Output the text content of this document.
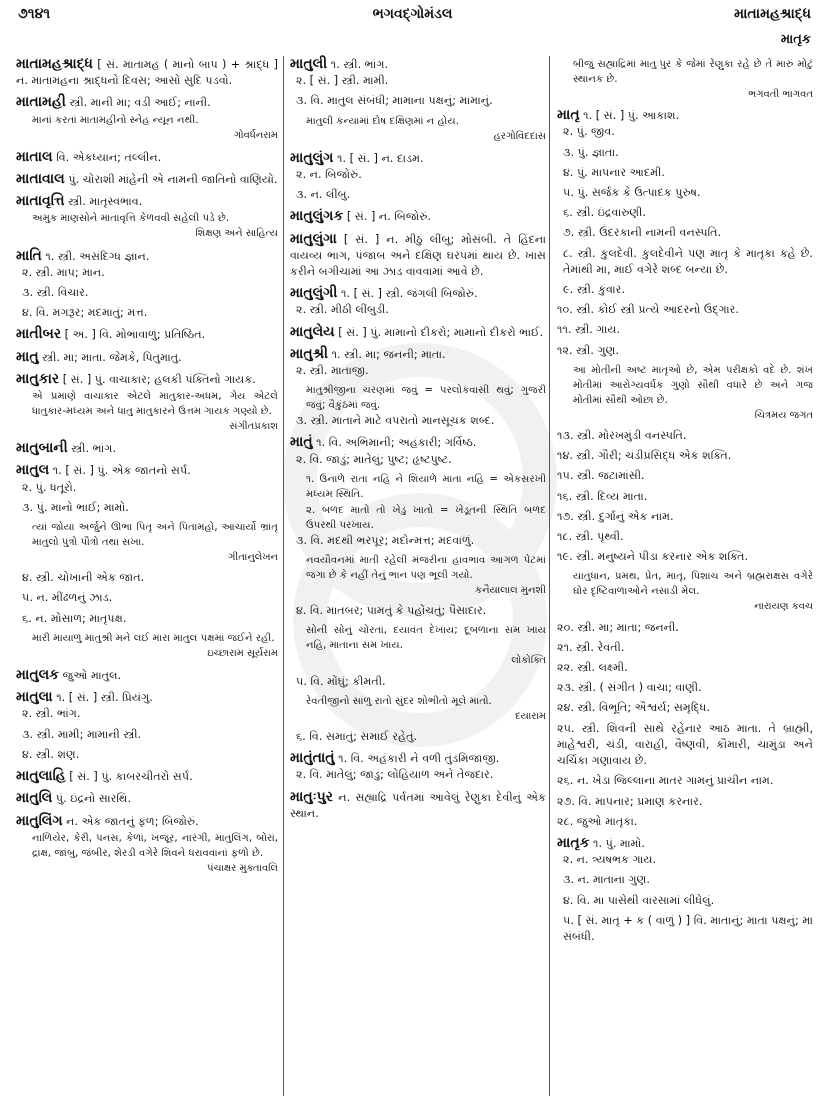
૭૧૪૧	ભગવદ્ગોમંડલ	માતામહશ્રાદ્ધ
માતૃક
માતામહશ્રાદ્ધ [ સં. માતામહ ( માનો બાપ ) + શ્રાદ્ધ ] ન. માતામહના શ્રાદ્ધનો દિવસ; આસો સુદિ પડવો.
માતામહી સ્ત્રી. માની મા; વડી આઈ; નાની.
માનાં કરતાં માતામહીનો સ્નેહ ન્યૂન નથી.
ગોવર્ધનરામ
માતાલ વિ. એકધ્યાન; તલ્લીન.
માતાવાલ પું. ચોરાશી માંહેની એ નામની જાતિનો વાણિયો.
માતાવૃત્તિ સ્ત્રી. માતૃસ્વભાવ.
અમુક માણસોને માતાવૃત્તિ કેળવવી સહેલી પડે છે.
શિક્ષણ અને સાહિત્ય
માતિ ૧. સ્ત્રી. અસંદિગ્ધ જ્ઞાન.
૨. સ્ત્રી. માપ; માન.
૩. સ્ત્રી. વિચાર.
૪. વિ. મગરૂર; મદમાતું; મત્ત.
માતીબર [ અ. ] વિ. મોભાવાળું; પ્રતિષ્ઠિત.
માતુ સ્ત્રી. મા; માતા. જેમકે, પિતુમાતુ.
માતુકાર [ સં. ] પું. વાચાકાર; હલકી પંક્તિનો ગાયક.
એ પ્રમાણે વાચાકાર એટલે માતુકાર-અધમ, ગેય એટલે ધાતુકાર-મધ્યમ અને ધાતુ માતુકારને ઉત્તમ ગાયક ગણ્યો છે.
સંગીતપ્રકાશ
માતુબાની સ્ત્રી. ભાંગ.
માતુલ ૧. [ સં. ] પું. એક જાતનો સર્પ.
૨. પું. ધતૂરો.
૩. પું. માનો ભાઈ; મામો.
ત્યાં જોયા અર્જુને ઊભા પિતૃ અને પિતામહો, આચાર્યો ભ્રાતૃ માતુલો પુત્રો પૌત્રો તથા સખા.
ગીતાનુલેખન
૪. સ્ત્રી. ચોખાની એક જાત.
૫. ન. મીંઢળનું ઝાડ.
૬. ન. મોસાળ; માતૃપક્ષ.
મારી માયાળુ માતુશ્રી મને લઈ મારા માતુલ પક્ષમાં જઈને રહી.
ઇચ્છારામ સૂર્યરામ
માતુલક જુઓ માતુલ.
માતુલા ૧. [ સં. ] સ્ત્રી. પ્રિયંગુ.
૨. સ્ત્રી. ભાંગ.
૩. સ્ત્રી. મામી; મામાની સ્ત્રી.
૪. સ્ત્રી. શણ.
માતુલાહિ [ સં. ] પું. કાબરચીતરો સર્પ.
માતુલિ પું. ઇંદ્રનો સારથિ.
માતુલિંગ ન. એક જાતનું ફળ; બિજોરું.
નાળિયેર, કેરી, પનસ, કેળાં, ખજૂર, નારંગી, માતુલિંગ, બોરાં, દ્રાક્ષ, જાંબુ, જંબીર, શેરડી વગેરે શિવને ધરાવવાનાં ફળો છે.
પંચાક્ષર મુક્તાવલિ
માતુલી ૧. સ્ત્રી. ભાંગ.
૨. [ સં. ] સ્ત્રી. મામી.
૩. વિ. માતુલ સંબંધી; મામાના પક્ષનું; મામાનું.
માતુલી કન્યામાં દોષ દક્ષિણમાં ન હોય.
હરગોવિંદદાસ
માતુલુંગ ૧. [ સં. ] ન. દાડમ.
૨. ન. બિજોરું.
૩. ન. લીંબુ.
માતુલુંગક [ સં. ] ન. બિજોરું.
માતુલુંગા [ સં. ] ન. મીઠું લીંબુ; મોસંબી. તે હિંદના વાયવ્ય ભાગ, પંજાબ અને દક્ષિણ ઘરપમાં થાય છે. ખાસ કરીને બગીચામાં આ ઝાડ વાવવામાં આવે છે.
માતુલુંગી ૧. [ સં. ] સ્ત્રી. જંગલી બિજોરું.
૨. સ્ત્રી. મીઠી લીંબુડી.
માતુલેય [ સં. ] પું. મામાનો દીકરો; મામાનો દીકરો ભાઈ.
માતુશ્રી ૧. સ્ત્રી. મા; જનની; માતા.
૨. સ્ત્રી. માતાજી.
માતુશ્રીજીના ચરણમાં જવું = પરલોકવાસી થવું; ગુજરી જવું; વૈકુંઠમાં જવું.
૩. સ્ત્રી. માતાને માટે વપરાતો માનસૂચક શબ્દ.
માતું ૧. વિ. અભિમાની; અહંકારી; ગર્વિષ્ઠ.
૨. વિ. જાડું; માતેલું; પુષ્ટ; હૃષ્ટપુષ્ટ.
૧. ઉનાળે રાતા નહિ ને શિયાળે માતા નહિ = એકસરખી મધ્યમ સ્થિતિ.
૨. બળદ માતો તો ખેડુ ખાતો = ખેડૂતની સ્થિતિ બળદ ઉપરથી પરખાય.
૩. વિ. મદથી ભરપૂર; મદોન્મત્ત; મદવાળું.
નવયૌવનમાં માતી રહેલી મંજરીના હાવભાવ આગળ પેટમાં જગા છે કે નહીં તેનું ભાન પણ ભૂલી ગયો.
કનૈયાલાલ મુનશી
૪. વિ. માતબર; પામતું કે પહોંચતું; પૈસાદાર.
સોની સોનું ચોરતાં, દયાવંત દેખાય; દૂબળાના સમ ખાય નહિ, માતાના સમ ખાય.
લોકોક્તિ
૫. વિ. મોંઘું; કીમતી.
રેવતીજીનો સાળુ રાતો સુંદર શોભીતો મૂલે માતો.
દયારામ
૬. વિ. સમાતું; સમાઈ રહેતું.
માતુંતાતું ૧. વિ. અહંકારી ને વળી તુંડમિજાજી.
૨. વિ. માતેલું; જાડું; લોહિયાળ અને તેજદાર.
માતુઃપુર ન. સહ્યાદ્રિ પર્વતમાં આવેલું રેણુકા દેવીનું એક સ્થાન.
બીજું સહ્યાદ્રિમાં માતુઃપુર કે જેમાં રેણુકા રહે છે તે મારું મોટું સ્થાનક છે.
ભગવતી ભાગવત
માતૃ ૧. [ સં. ] પું. આકાશ.
૨. પું. જીવ.
૩. પું. જ્ઞાતા.
૪. પું. માપનાર આદમી.
૫. પું. સર્જક કે ઉત્પાદક પુરુષ.
૬. સ્ત્રી. ઇંદ્રવારુણી.
૭. સ્ત્રી. ઉંદરકાની નામની વનસ્પતિ.
૮. સ્ત્રી. કુલદેવી. કુલદેવીને પણ માતૃ કે માતૃકા કહે છે. તેમાંથી મા, માઈ વગેરે શબ્દ બન્યા છે.
૯. સ્ત્રી. કુંવાર.
૧૦. સ્ત્રી. કોઈ સ્ત્રી પ્રત્યે આદરનો ઉદ્ગાર.
૧૧. સ્ત્રી. ગાય.
૧૨. સ્ત્રી. ગુણ.
આ મોતીની અષ્ટ માતૃઓ છે, એમ પરીક્ષકો વદે છે. શંખ મોતીમાં આરોગ્યવર્ધક ગુણો સૌથી વધારે છે અને ગજ મોતીમાં સૌથી ઓછા છે.
ચિત્રમય જગત
૧૩. સ્ત્રી. મોરખમુંડી વનસ્પતિ.
૧૪. સ્ત્રી. ગૌરી; ચંડીપ્રસિદ્ધ એક શક્તિ.
૧૫. સ્ત્રી. જટામાંસી.
૧૬. સ્ત્રી. દિવ્ય માતા.
૧૭. સ્ત્રી. દુર્ગાનું એક નામ.
૧૮. સ્ત્રી. પૃથ્વી.
૧૯. સ્ત્રી. મનુષ્યને પીડા કરનાર એક શક્તિ.
યાતુધાન, પ્રમથ, પ્રેત, માતૃ, પિશાચ અને બ્રહ્મરાક્ષસ વગેરે ઘોર દૃષ્ટિવાળાઓને નસાડી મેલ.
નારાયણ કવચ
૨૦. સ્ત્રી. મા; માતા; જનની.
૨૧. સ્ત્રી. રેવતી.
૨૨. સ્ત્રી. લક્ષ્મી.
૨૩. સ્ત્રી. ( સંગીત ) વાચા; વાણી.
૨૪. સ્ત્રી. વિભૂતિ; ઐશ્વર્ય; સમૃદ્ધિ.
૨૫. સ્ત્રી. શિવની સાથે રહેનાર આઠ માતા. તે બ્રાહ્મી, માહેશ્વરી, ચંડી, વારાહી, વૈષ્ણવી, કૌમારી, ચામુંડા અને ચર્ચિકા ગણાવાય છે.
૨૬. ન. ખેડા જિલ્લાના માતર ગામનું પ્રાચીન નામ.
૨૭. વિ. માપનાર; પ્રમાણ કરનાર.
૨૮. જુઓ માતૃકા.
માતૃક ૧. પું. મામો.
૨. ન. ત્ર્યષભક ગાય.
૩. ન. માતાના ગુણ.
૪. વિ. મા પાસેથી વારસામાં લીધેલું.
૫. [ સં. માતૃ + ક ( વાળું ) ] વિ. માતાનું; માતા પક્ષનું; મા સંબંધી.
